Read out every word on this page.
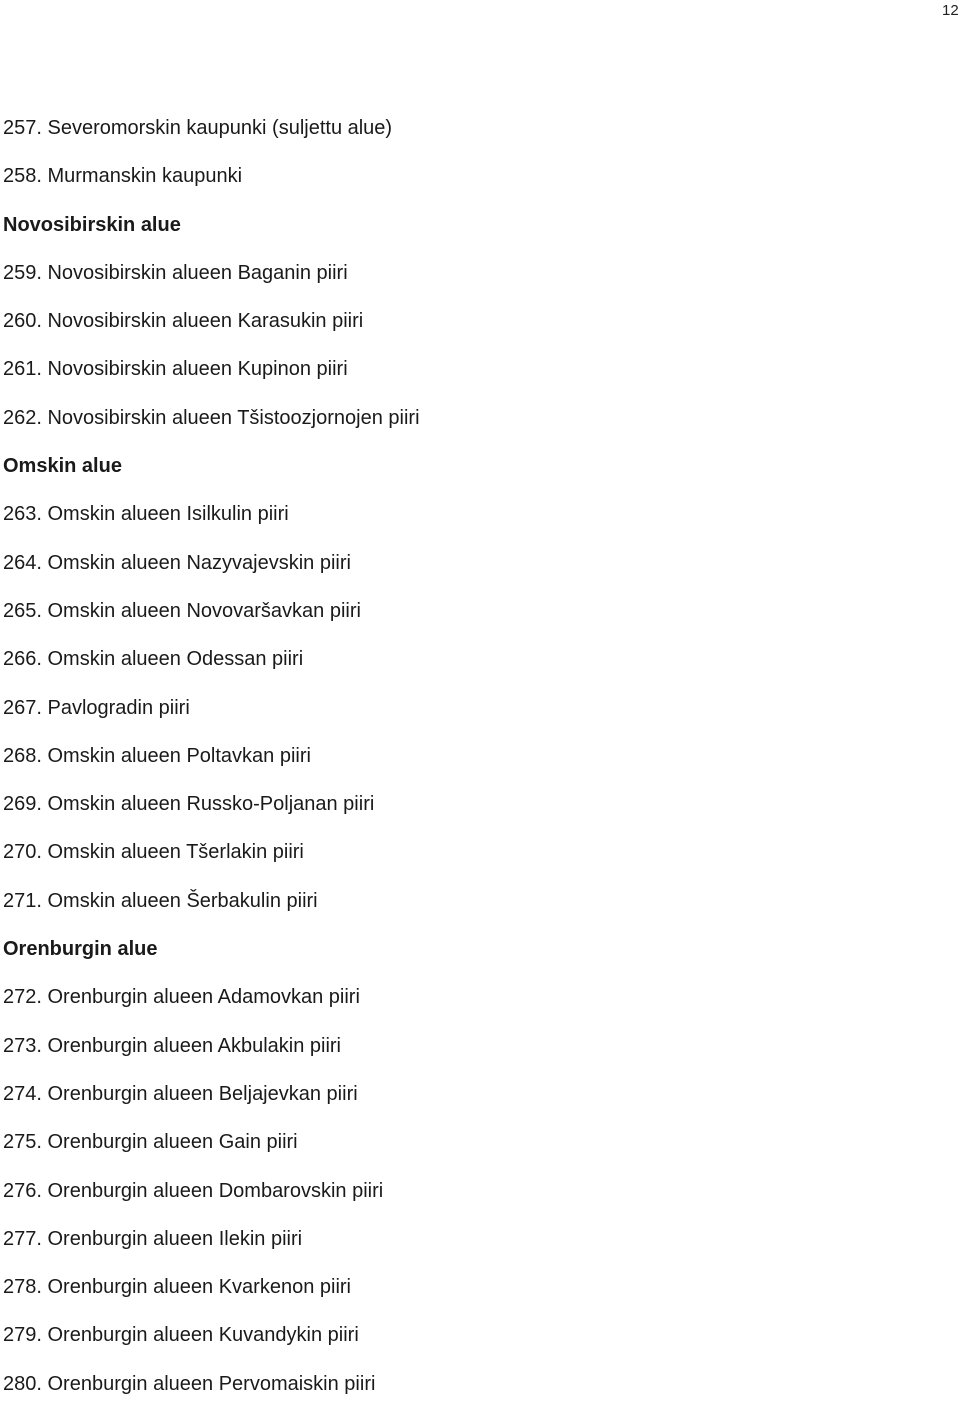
12
257. Severomorskin kaupunki (suljettu alue)
258. Murmanskin kaupunki
Novosibirskin alue
259. Novosibirskin alueen Baganin piiri
260. Novosibirskin alueen Karasukin piiri
261. Novosibirskin alueen Kupinon piiri
262. Novosibirskin alueen Tšistoozjornojen piiri
Omskin alue
263. Omskin alueen Isilkulin piiri
264. Omskin alueen Nazyvajevskin piiri
265. Omskin alueen Novovaršavkan piiri
266. Omskin alueen Odessan piiri
267. Pavlogradin piiri
268. Omskin alueen Poltavkan piiri
269. Omskin alueen Russko-Poljanan piiri
270. Omskin alueen Tšerlakin piiri
271. Omskin alueen Šerbakulin piiri
Orenburgin alue
272. Orenburgin alueen Adamovkan piiri
273. Orenburgin alueen Akbulakin piiri
274. Orenburgin alueen Beljajevkan piiri
275. Orenburgin alueen Gain piiri
276. Orenburgin alueen Dombarovskin piiri
277. Orenburgin alueen Ilekin piiri
278. Orenburgin alueen Kvarkenon piiri
279. Orenburgin alueen Kuvandykin piiri
280. Orenburgin alueen Pervomaiskin piiri
